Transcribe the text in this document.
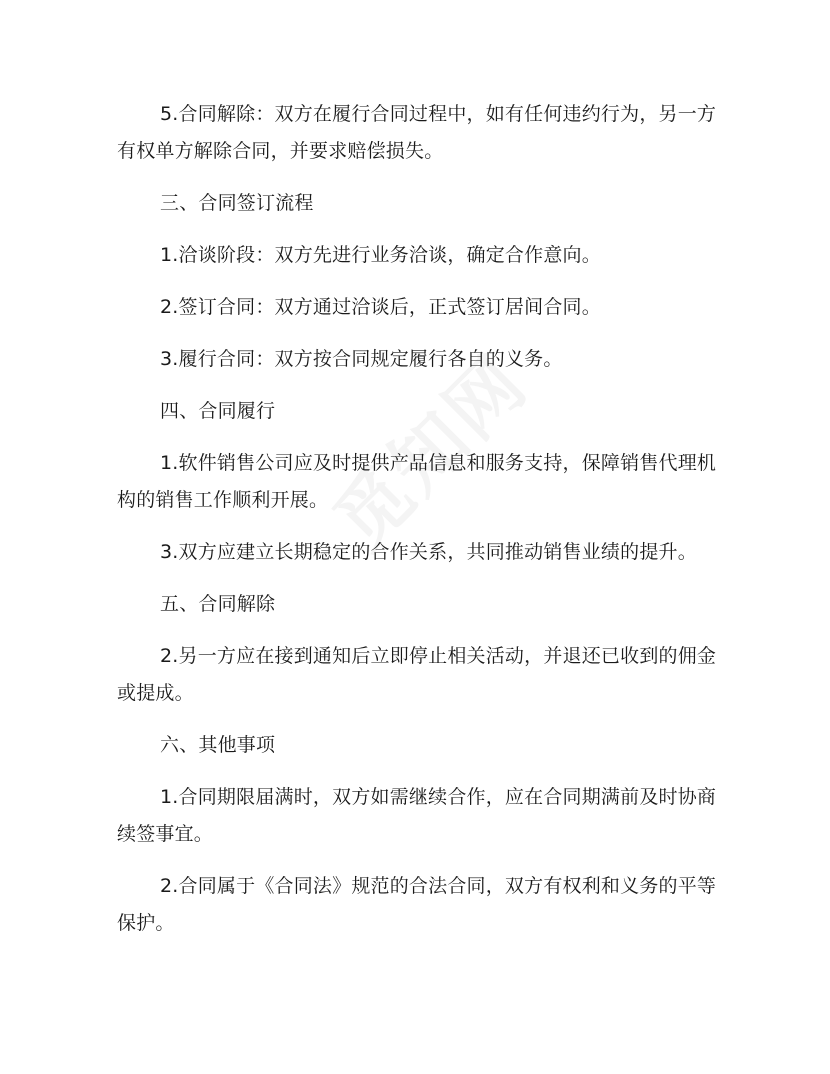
5.合同解除：双方在履行合同过程中，如有任何违约行为，另一方有权单方解除合同，并要求赔偿损失。

三、合同签订流程

1.洽谈阶段：双方先进行业务洽谈，确定合作意向。

2.签订合同：双方通过洽谈后，正式签订居间合同。

3.履行合同：双方按合同规定履行各自的义务。

四、合同履行

1.软件销售公司应及时提供产品信息和服务支持，保障销售代理机构的销售工作顺利开展。

3.双方应建立长期稳定的合作关系，共同推动销售业绩的提升。

五、合同解除

2.另一方应在接到通知后立即停止相关活动，并退还已收到的佣金或提成。

六、其他事项

1.合同期限届满时，双方如需继续合作，应在合同期满前及时协商续签事宜。

2.合同属于《合同法》规范的合法合同，双方有权利和义务的平等保护。
